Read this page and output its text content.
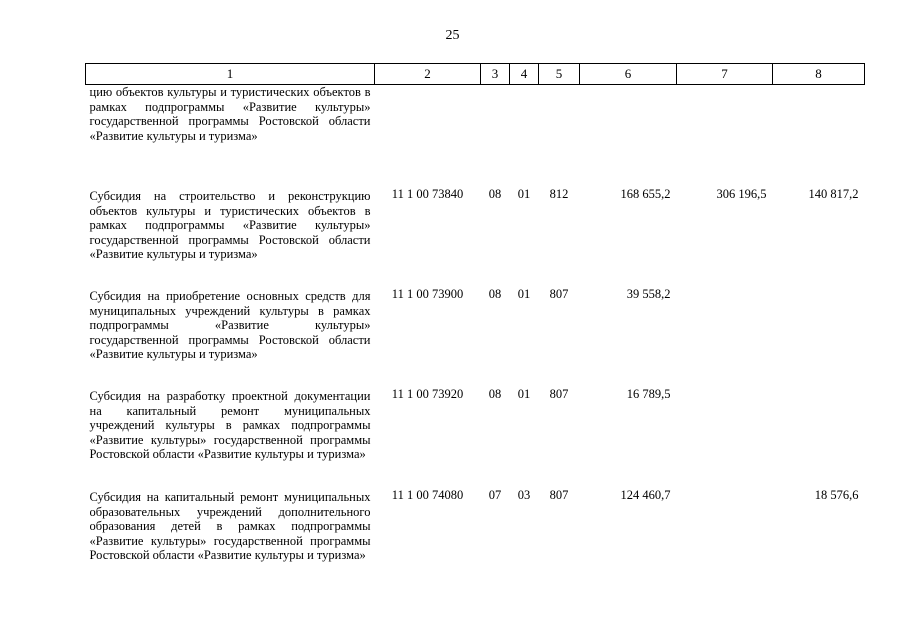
25
1	2	3	4	5	6	7	8
цию объектов культуры и туристических объектов в рамках подпрограммы «Развитие культуры» государственной программы Ростовской области «Развитие культуры и туризма»							
Субсидия на строительство и реконструкцию объектов культуры и туристических объектов в рамках подпрограммы «Развитие культуры» государственной программы Ростовской области «Развитие культуры и туризма»	11 1 00 73840	08	01	812	168 655,2	306 196,5	140 817,2
Субсидия на приобретение основных средств для муниципальных учреждений культуры в рамках подпрограммы «Развитие культуры» государственной программы Ростовской области «Развитие культуры и туризма»	11 1 00 73900	08	01	807	39 558,2		
Субсидия на разработку проектной документации на капитальный ремонт муниципальных учреждений культуры в рамках подпрограммы «Развитие культуры» государственной программы Ростовской области «Развитие культуры и туризма»	11 1 00 73920	08	01	807	16 789,5		
Субсидия на капитальный ремонт муниципальных образовательных учреждений дополнительного образования детей в рамках подпрограммы «Развитие культуры» государственной программы Ростовской области «Развитие культуры и туризма»	11 1 00 74080	07	03	807	124 460,7		18 576,6
